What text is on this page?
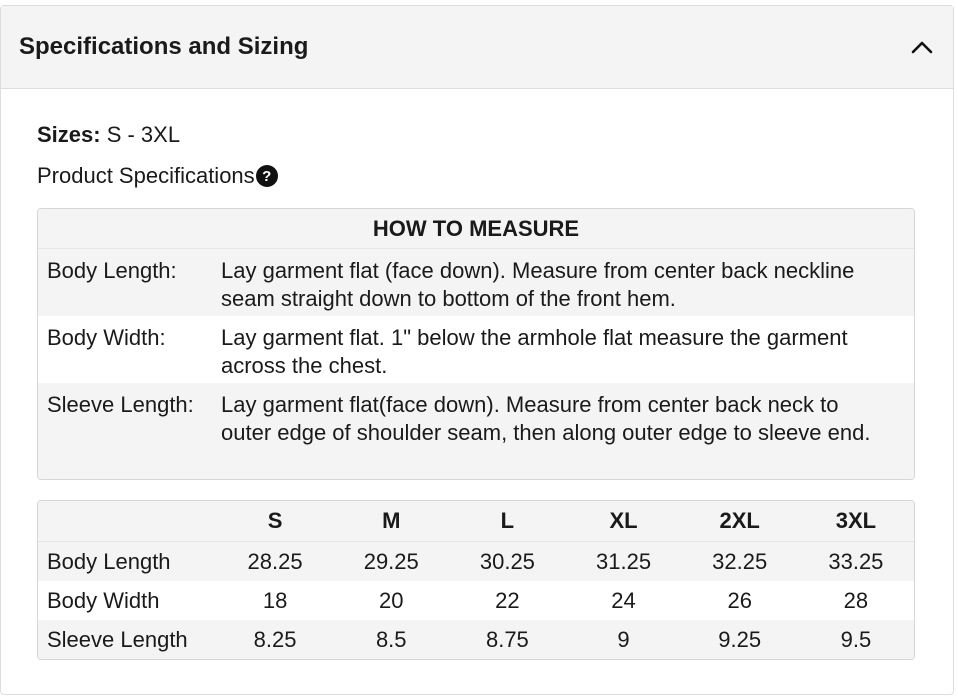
Specifications and Sizing
Sizes: S - 3XL
Product Specifications ?
HOW TO MEASURE
Body Length:	Lay garment flat (face down). Measure from center back neckline seam straight down to bottom of the front hem.
Body Width:	Lay garment flat. 1" below the armhole flat measure the garment across the chest.
Sleeve Length:	Lay garment flat(face down). Measure from center back neck to outer edge of shoulder seam, then along outer edge to sleeve end.
	S	M	L	XL	2XL	3XL
Body Length	28.25	29.25	30.25	31.25	32.25	33.25
Body Width	18	20	22	24	26	28
Sleeve Length	8.25	8.5	8.75	9	9.25	9.5
